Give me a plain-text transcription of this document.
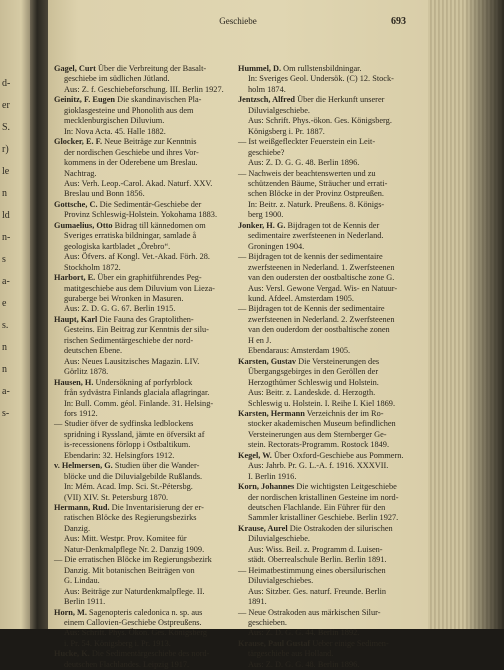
d-
er
S.
r)
le
n
ld
n-
s
a-
e
s.
n
n
a-
s-
Geschiebe	693
Gagel, Curt Über die Verbreitung der Basalt-
geschiebe im südlichen Jütland.
Aus: Z. f. Geschiebeforschung. III. Berlin 1927.
Geinitz, F. Eugen Die skandinavischen Pla-
gioklasgesteine und Phonolith aus dem
mecklenburgischen Diluvium.
In: Nova Acta. 45. Halle 1882.
Glocker, E. F. Neue Beiträge zur Kenntnis
der nordischen Geschiebe und ihres Vor-
kommens in der Oderebene um Breslau.
Nachtrag.
Aus: Verh. Leop.-Carol. Akad. Naturf. XXV.
Breslau und Bonn 1856.
Gottsche, C. Die Sedimentär-Geschiebe der
Provinz Schleswig-Holstein. Yokohama 1883.
Gumaelius, Otto Bidrag till kännedomen om
Sveriges erratiska bildningar, samlade å
geologiska kartbladet „Örebro“.
Aus: Öfvers. af Kongl. Vet.-Akad. Förh. 28.
Stockholm 1872.
Harbort, E. Über ein graphitführendes Peg-
matitgeschiebe aus dem Diluvium von Lieza-
guraberge bei Wronken in Masuren.
Aus: Z. D. G. G. 67. Berlin 1915.
Haupt, Karl Die Fauna des Graptolithen-
Gesteins. Ein Beitrag zur Kenntnis der silu-
rischen Sedimentärgeschiebe der nord-
deutschen Ebene.
Aus: Neues Lausitzisches Magazin. LIV.
Görlitz 1878.
Hausen, H. Undersökning af porfyrblock
från sydvästra Finlands glaciala aflagringar.
In: Bull. Comm. géol. Finlande. 31. Helsing-
fors 1912.
— Studier öfver de sydfinska ledblockens
spridning i Ryssland, jämte en öfversikt af
is-recessionens förlopp i Ostbaltikum.
Ebendarin: 32. Helsingfors 1912.
v. Helmersen, G. Studien über die Wander-
blöcke und die Diluvialgebilde Rußlands.
In: Mém. Acad. Imp. Sci. St.-Pétersbg.
(VII) XIV. St. Petersburg 1870.
Hermann, Rud. Die Inventarisierung der er-
ratischen Blöcke des Regierungsbezirks
Danzig.
Aus: Mitt. Westpr. Prov. Komitee für
Natur-Denkmalpflege Nr. 2. Danzig 1909.
— Die erratischen Blöcke im Regierungsbezirk
Danzig. Mit botanischen Beiträgen von
G. Lindau.
Aus: Beiträge zur Naturdenkmalpflege. II.
Berlin 1911.
Horn, M. Sagenopteris caledonica n. sp. aus
einem Callovien-Geschiebe Ostpreußens.
Aus: Schrift. Phys. Ökon. Ges. Königsberg
i. Pr. 54. Königsberg i. Pr. 1913.
Hucke, K. Die Sedimentärgeschiebe des nord-
deutschen Flachlandes. Leipzig 1917.
Hummel, D. Om rullstensbildningar.
In: Sveriges Geol. Undersök. (C) 12. Stock-
holm 1874.
Jentzsch, Alfred Über die Herkunft unserer
Diluvialgeschiebe.
Aus: Schrift. Phys.-ökon. Ges. Königsberg.
Königsberg i. Pr. 1887.
— Ist weißgefleckter Feuerstein ein Leit-
geschiebe?
Aus: Z. D. G. G. 48. Berlin 1896.
— Nachweis der beachtenswerten und zu
schützenden Bäume, Sträucher und errati-
schen Blöcke in der Provinz Ostpreußen.
In: Beitr. z. Naturk. Preußens. 8. Königs-
berg 1900.
Jonker, H. G. Bijdragen tot de Kennis der
sedimentaire zwerfsteenen in Nederland.
Groningen 1904.
— Bijdragen tot de kennis der sedimentaire
zwerfsteenen in Nederland. 1. Zwerfsteenen
van den oudersten der oostbaltische zone G.
Aus: Versl. Gewone Vergad. Wis- en Natuur-
kund. Afdeel. Amsterdam 1905.
— Bijdragen tot de Kennis der sedimentaire
zwerfsteenen in Nederland. 2. Zwerfsteenen
van den ouderdom der oostbaltische zonen
H en J.
Ebendaraus: Amsterdam 1905.
Karsten, Gustav Die Versteinerungen des
Übergangsgebirges in den Geröllen der
Herzogthümer Schleswig und Holstein.
Aus: Beitr. z. Landeskde. d. Herzogth.
Schleswig u. Holstein. I. Reihe I. Kiel 1869.
Karsten, Hermann Verzeichnis der im Ro-
stocker akademischen Museum befindlichen
Versteinerungen aus dem Sternberger Ge-
stein. Rectorats-Programm. Rostock 1849.
Kegel, W. Über Oxford-Geschiebe aus Pommern.
Aus: Jahrb. Pr. G. L.-A. f. 1916. XXXVII.
I. Berlin 1916.
Korn, Johannes Die wichtigsten Leitgeschiebe
der nordischen kristallinen Gesteine im nord-
deutschen Flachlande. Ein Führer für den
Sammler kristalliner Geschiebe. Berlin 1927.
Krause, Aurel Die Ostrakoden der silurischen
Diluvialgeschiebe.
Aus: Wiss. Beil. z. Programm d. Luisen-
städt. Oberrealschule Berlin. Berlin 1891.
— Heimatbestimmung eines obersilurischen
Diluvialgeschiebes.
Aus: Sitzber. Ges. naturf. Freunde. Berlin
1891.
— Neue Ostrakoden aus märkischen Silur-
geschieben.
Aus: Z. D. G. G. 44. Berlin 1892.
Krause, Paul Gustaf Ueber einige Sedimen-
tärgeschiebe aus Holland.
Aus: Z. D. G. G. 48. Berlin 1896.
